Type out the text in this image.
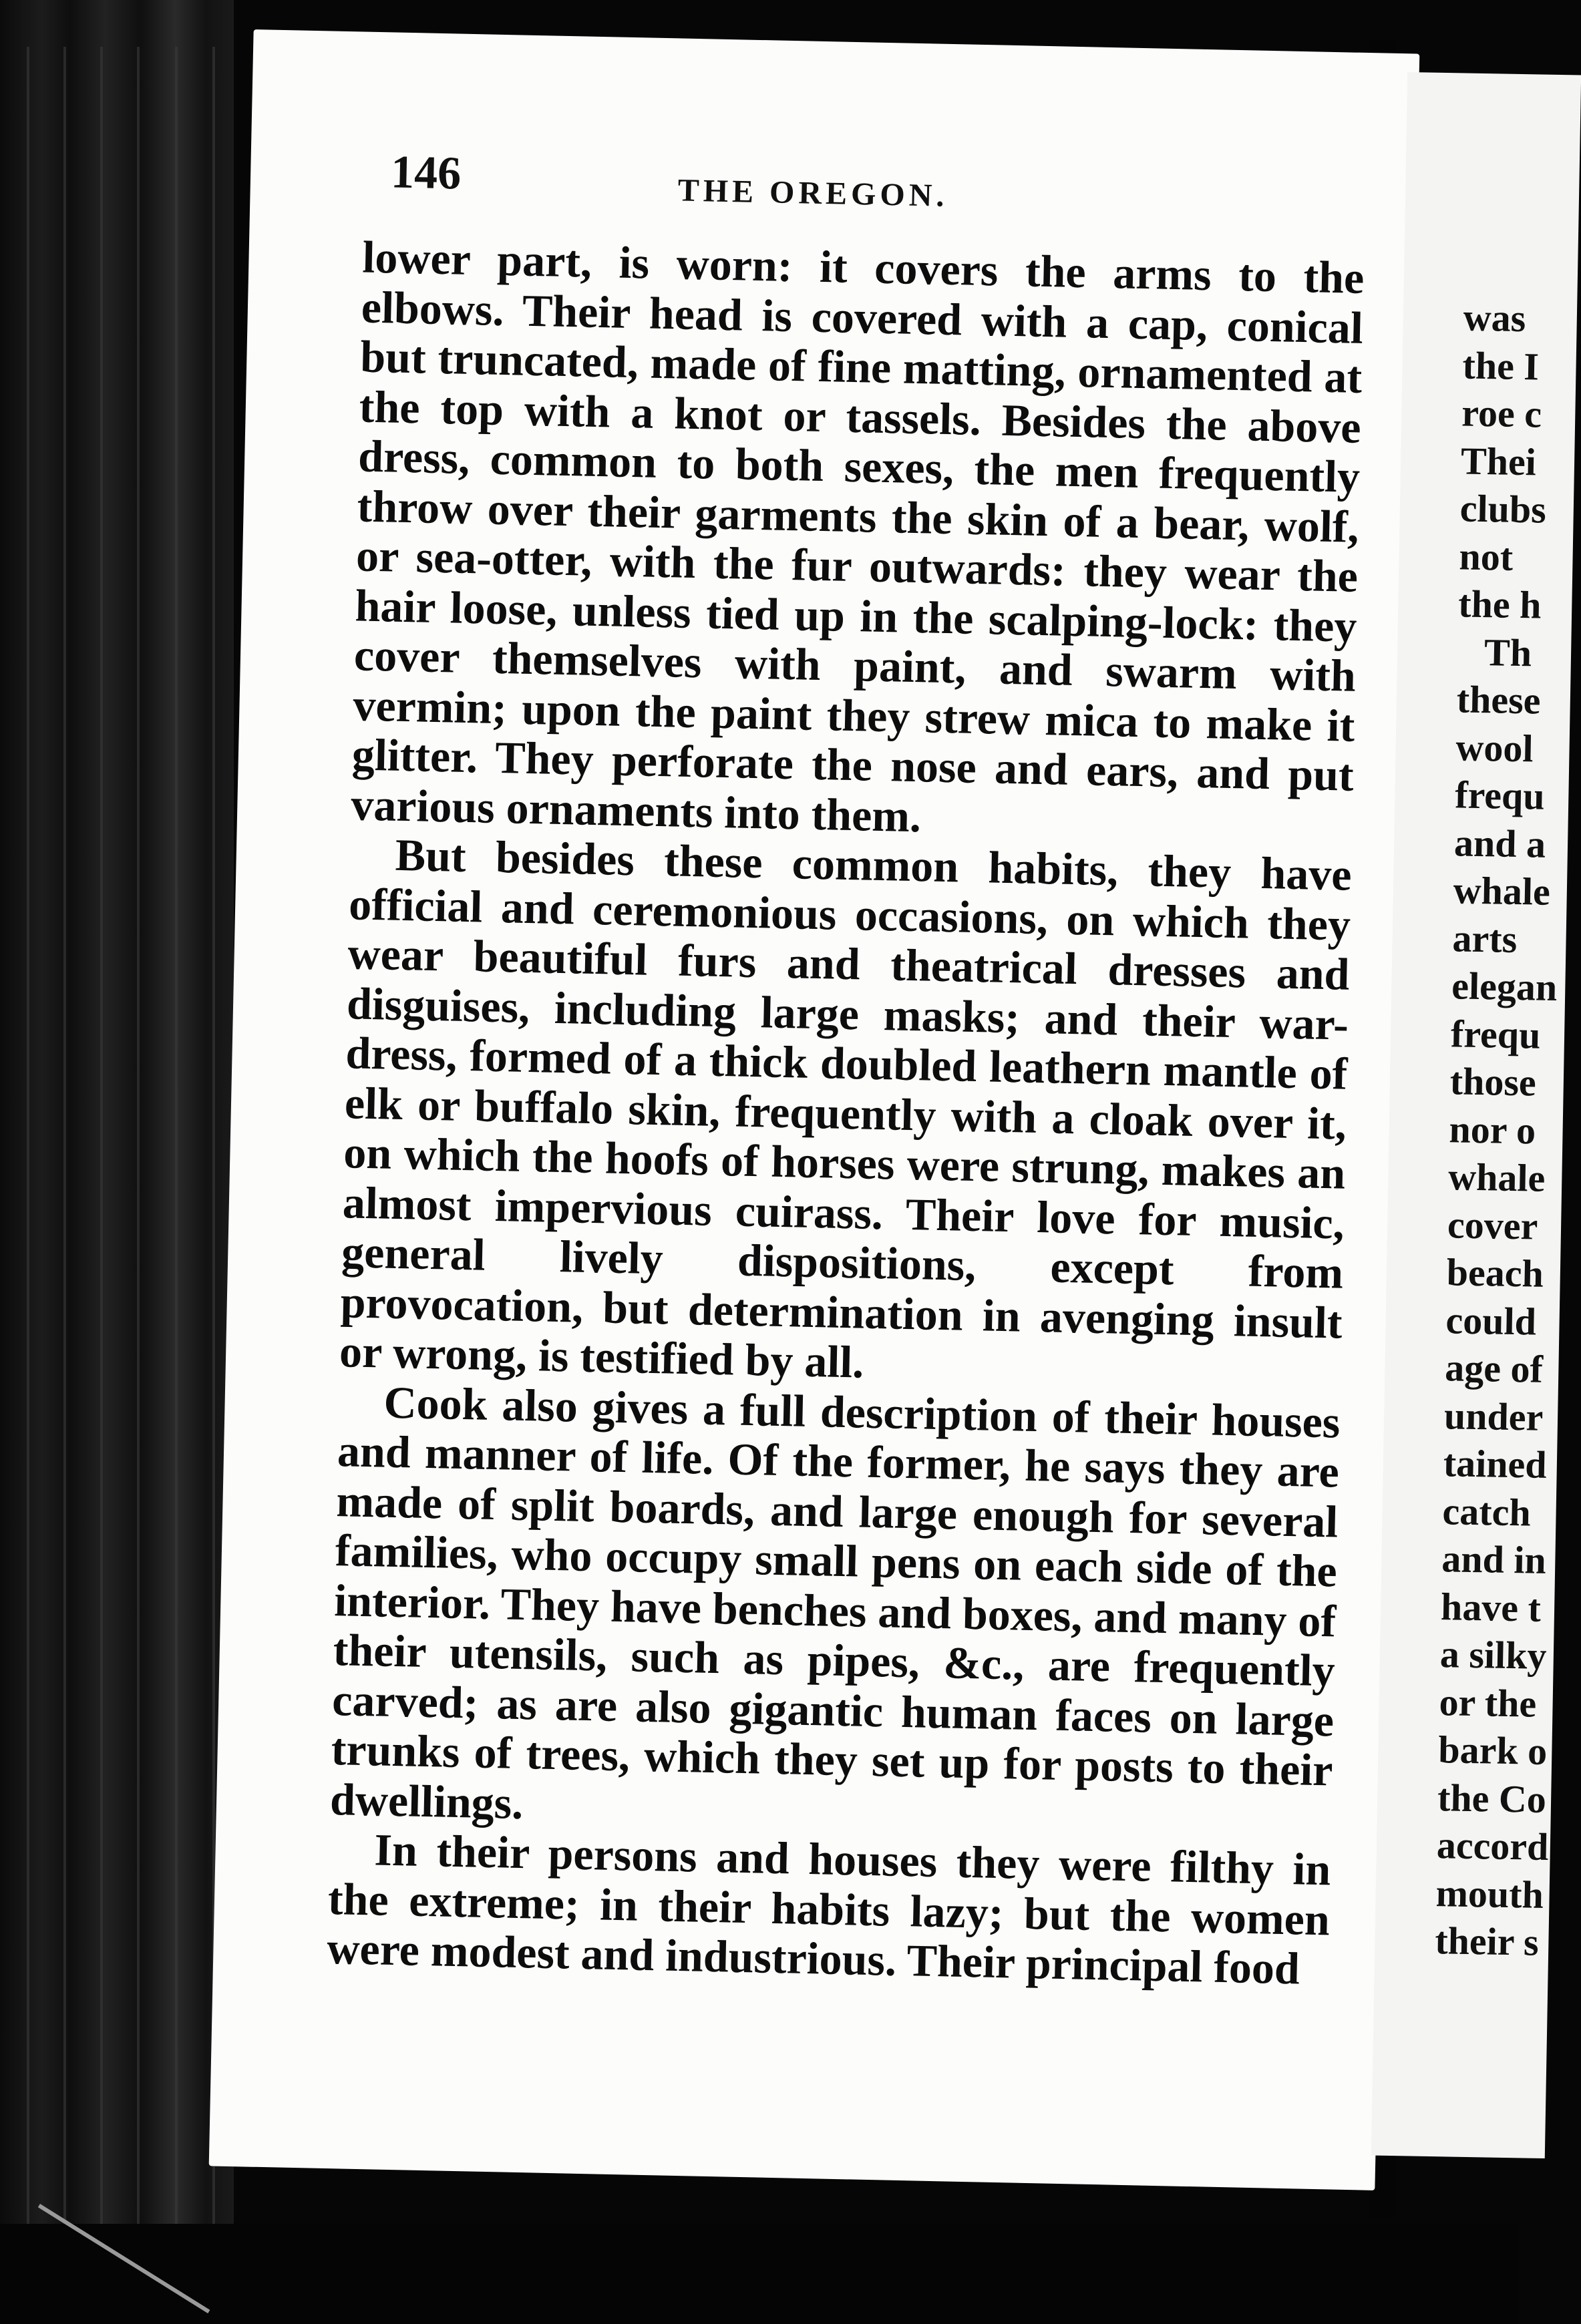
146	THE OREGON.

lower part, is worn: it covers the arms to the elbows. Their head is covered with a cap, conical but truncated, made of fine matting, ornamented at the top with a knot or tassels. Besides the above dress, common to both sexes, the men frequently throw over their garments the skin of a bear, wolf, or sea-otter, with the fur outwards: they wear the hair loose, unless tied up in the scalping-lock: they cover themselves with paint, and swarm with vermin; upon the paint they strew mica to make it glitter. They perforate the nose and ears, and put various ornaments into them.

But besides these common habits, they have official and ceremonious occasions, on which they wear beautiful furs and theatrical dresses and disguises, including large masks; and their war-dress, formed of a thick doubled leathern mantle of elk or buffalo skin, frequently with a cloak over it, on which the hoofs of horses were strung, makes an almost impervious cuirass. Their love for music, general lively dispositions, except from provocation, but determination in avenging insult or wrong, is testified by all.

Cook also gives a full description of their houses and manner of life. Of the former, he says they are made of split boards, and large enough for several families, who occupy small pens on each side of the interior. They have benches and boxes, and many of their utensils, such as pipes, &c., are frequently carved; as are also gigantic human faces on large trunks of trees, which they set up for posts to their dwellings.

In their persons and houses they were filthy in the extreme; in their habits lazy; but the women were modest and industrious. Their principal food

was
the I
roe c
Thei
clubs
not
the h
Th
these
wool
frequ
and a
whale
arts
elegan
frequ
those
nor o
whale
cover
beach
could
age of
under
tained
catch
and in
have t
a silky
or the
bark o
the Co
accord
mouth
their s
